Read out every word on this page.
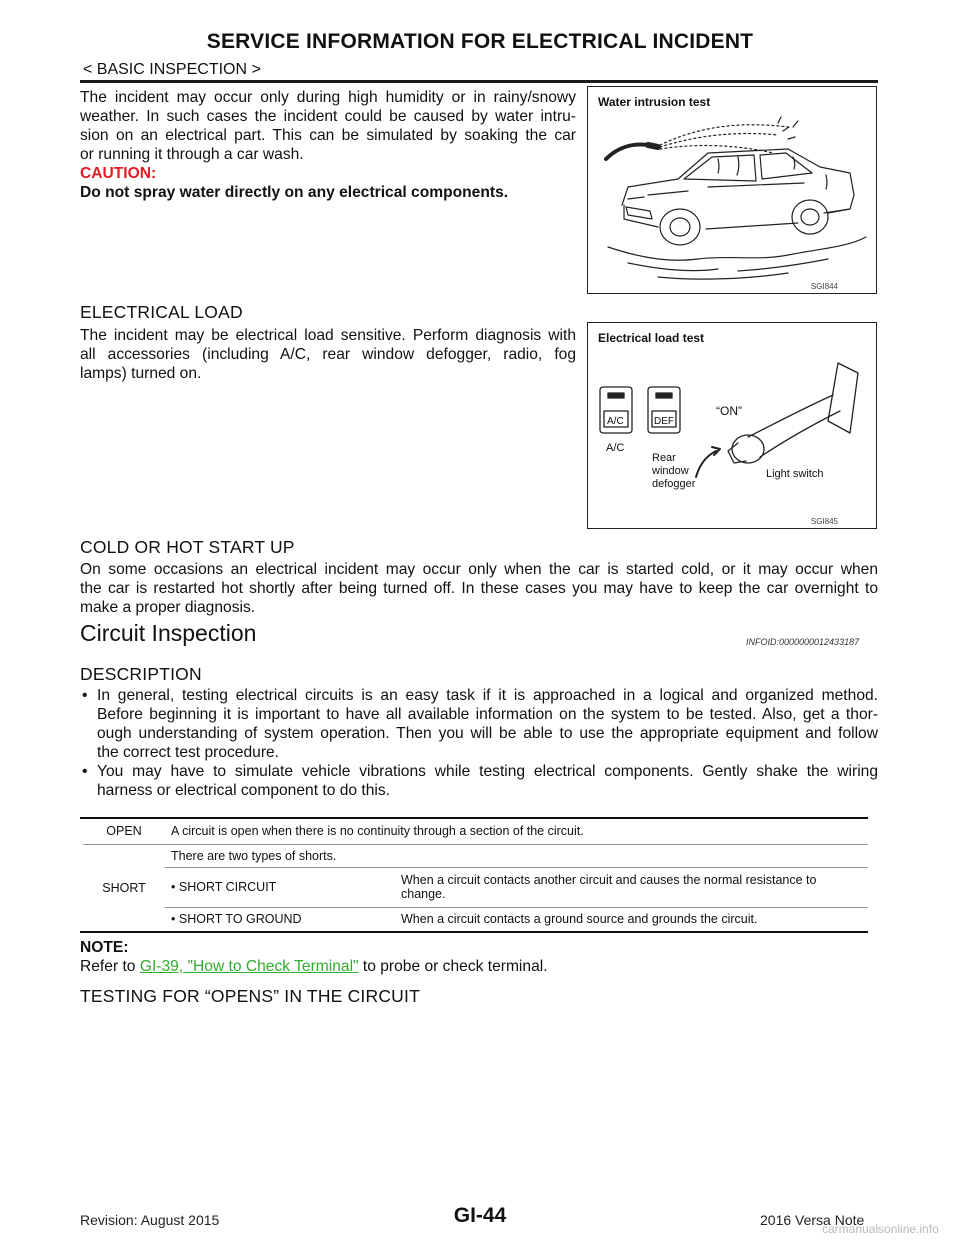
SERVICE INFORMATION FOR ELECTRICAL INCIDENT
< BASIC INSPECTION >
The incident may occur only during high humidity or in rainy/snowy
weather. In such cases the incident could be caused by water intru-
sion on an electrical part. This can be simulated by soaking the car
or running it through a car wash.
CAUTION:
Do not spray water directly on any electrical components.
Water intrusion test
SGI844
ELECTRICAL LOAD
The incident may be electrical load sensitive. Perform diagnosis with
all accessories (including A/C, rear window defogger, radio, fog
lamps) turned on.
Electrical load test
A/C	DEF
A/C
Rear
window
defogger
“ON”
Light switch
SGI845
COLD OR HOT START UP
On some occasions an electrical incident may occur only when the car is started cold, or it may occur when
the car is restarted hot shortly after being turned off. In these cases you may have to keep the car overnight to
make a proper diagnosis.
Circuit Inspection	INFOID:0000000012433187
DESCRIPTION
• In general, testing electrical circuits is an easy task if it is approached in a logical and organized method.
Before beginning it is important to have all available information on the system to be tested. Also, get a thor-
ough understanding of system operation. Then you will be able to use the appropriate equipment and follow
the correct test procedure.
• You may have to simulate vehicle vibrations while testing electrical components. Gently shake the wiring
harness or electrical component to do this.
OPEN	A circuit is open when there is no continuity through a section of the circuit.	
SHORT	There are two types of shorts.	
	• SHORT CIRCUIT	When a circuit contacts another circuit and causes the normal resistance to
change.

	• SHORT TO GROUND	When a circuit contacts a ground source and grounds the circuit.
NOTE:
Refer to GI-39, "How to Check Terminal" to probe or check terminal.
TESTING FOR “OPENS” IN THE CIRCUIT
GI-44
Revision: August 2015	2016 Versa Note
carmanualsonline.info
